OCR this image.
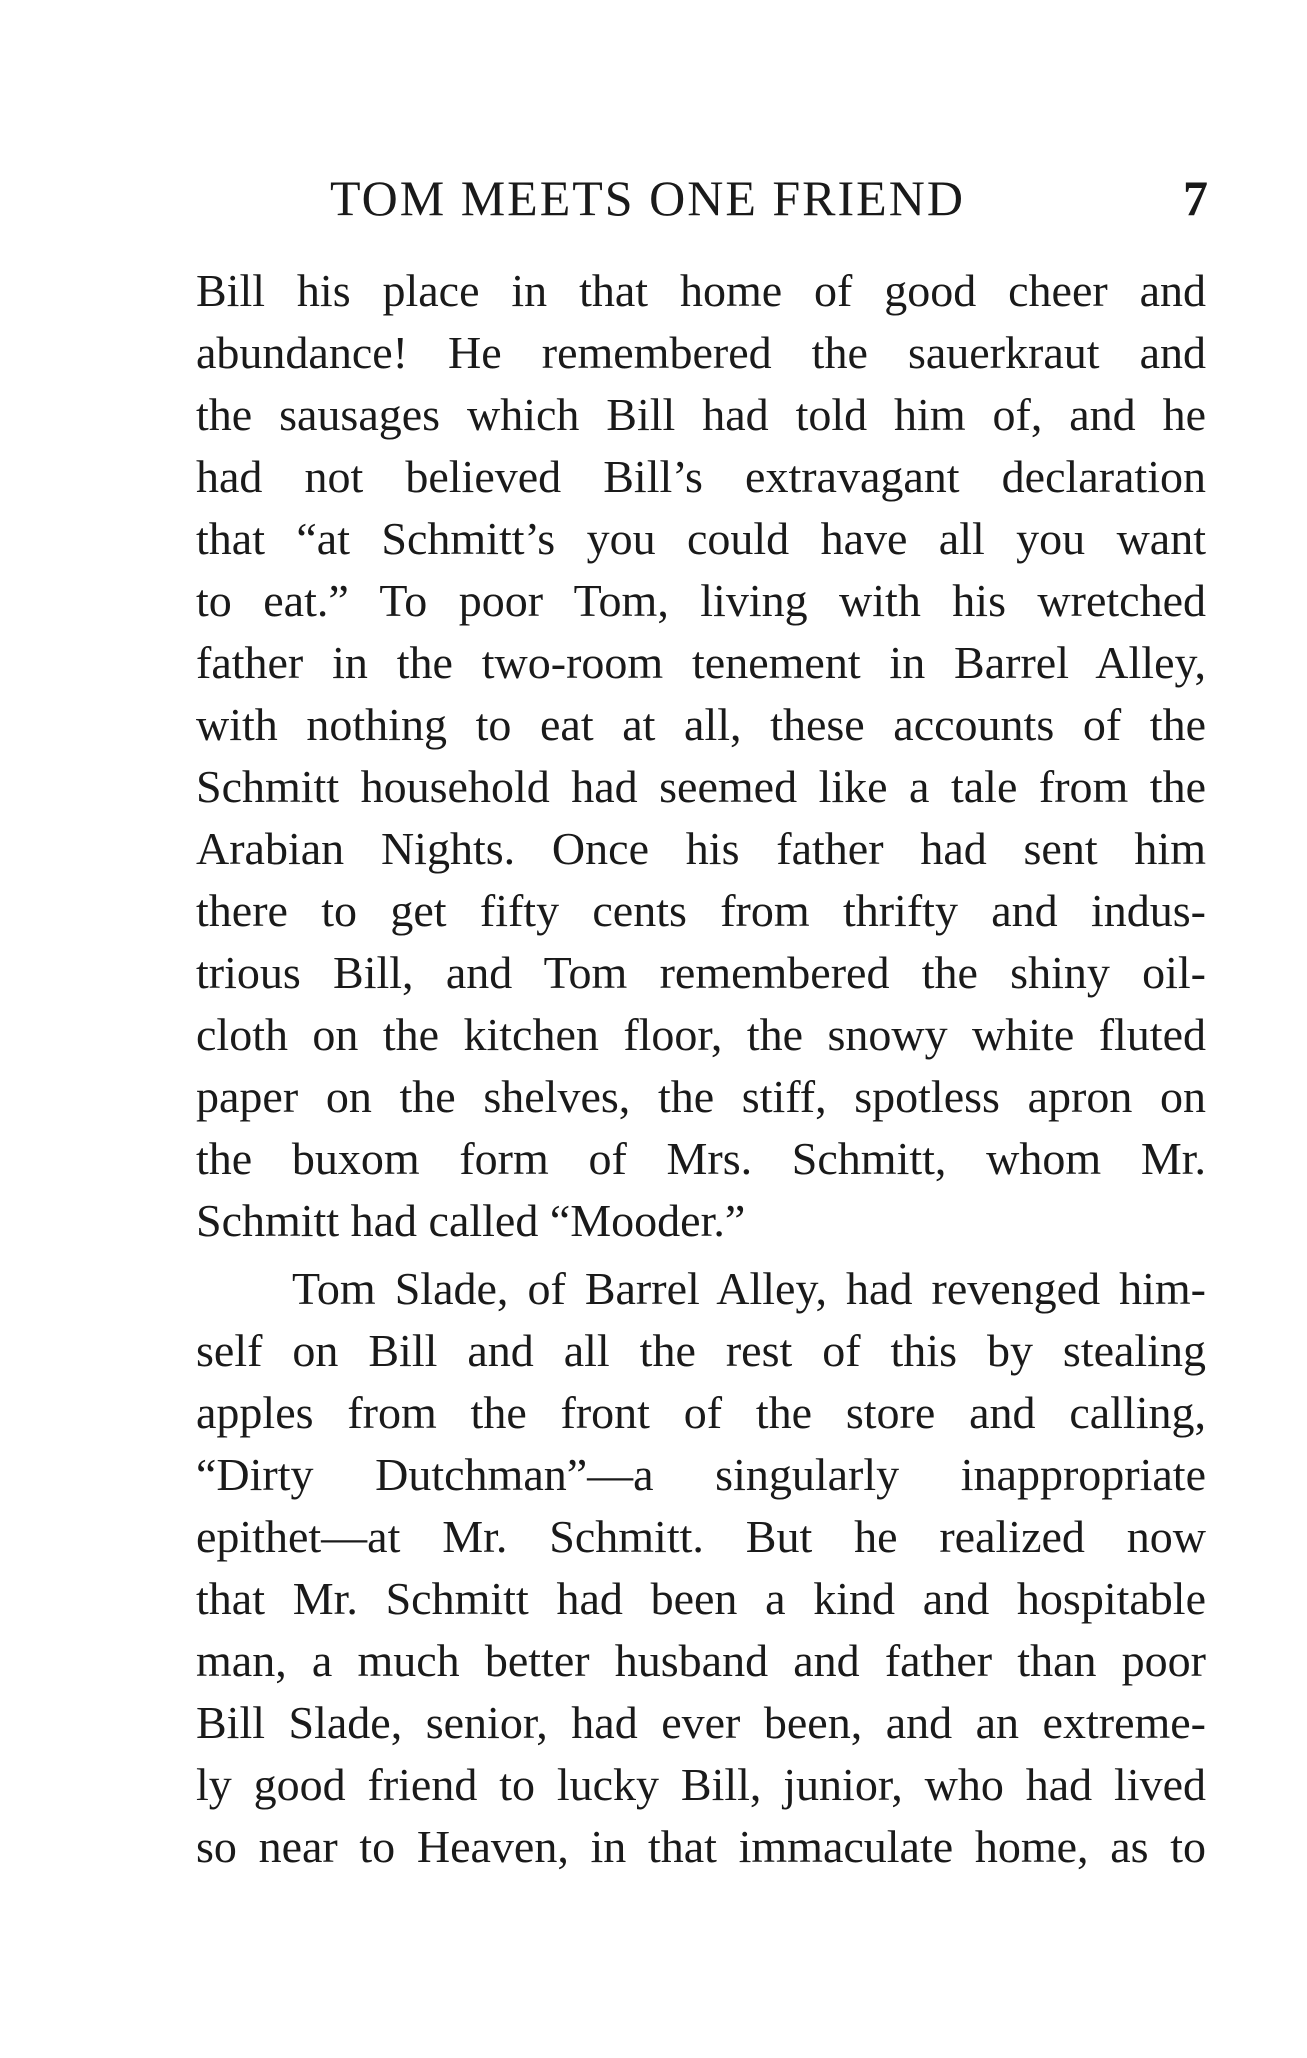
TOM MEETS ONE FRIEND	7
Bill his place in that home of good cheer and
abundance! He remembered the sauerkraut and
the sausages which Bill had told him of, and he
had not believed Bill’s extravagant declaration
that “at Schmitt’s you could have all you want
to eat.” To poor Tom, living with his wretched
father in the two-room tenement in Barrel Alley,
with nothing to eat at all, these accounts of the
Schmitt household had seemed like a tale from the
Arabian Nights. Once his father had sent him
there to get fifty cents from thrifty and indus-
trious Bill, and Tom remembered the shiny oil-
cloth on the kitchen floor, the snowy white fluted
paper on the shelves, the stiff, spotless apron on
the buxom form of Mrs. Schmitt, whom Mr.
Schmitt had called “Mooder.”
Tom Slade, of Barrel Alley, had revenged him-
self on Bill and all the rest of this by stealing
apples from the front of the store and calling,
“Dirty Dutchman”—a singularly inappropriate
epithet—at Mr. Schmitt. But he realized now
that Mr. Schmitt had been a kind and hospitable
man, a much better husband and father than poor
Bill Slade, senior, had ever been, and an extreme-
ly good friend to lucky Bill, junior, who had lived
so near to Heaven, in that immaculate home, as to
